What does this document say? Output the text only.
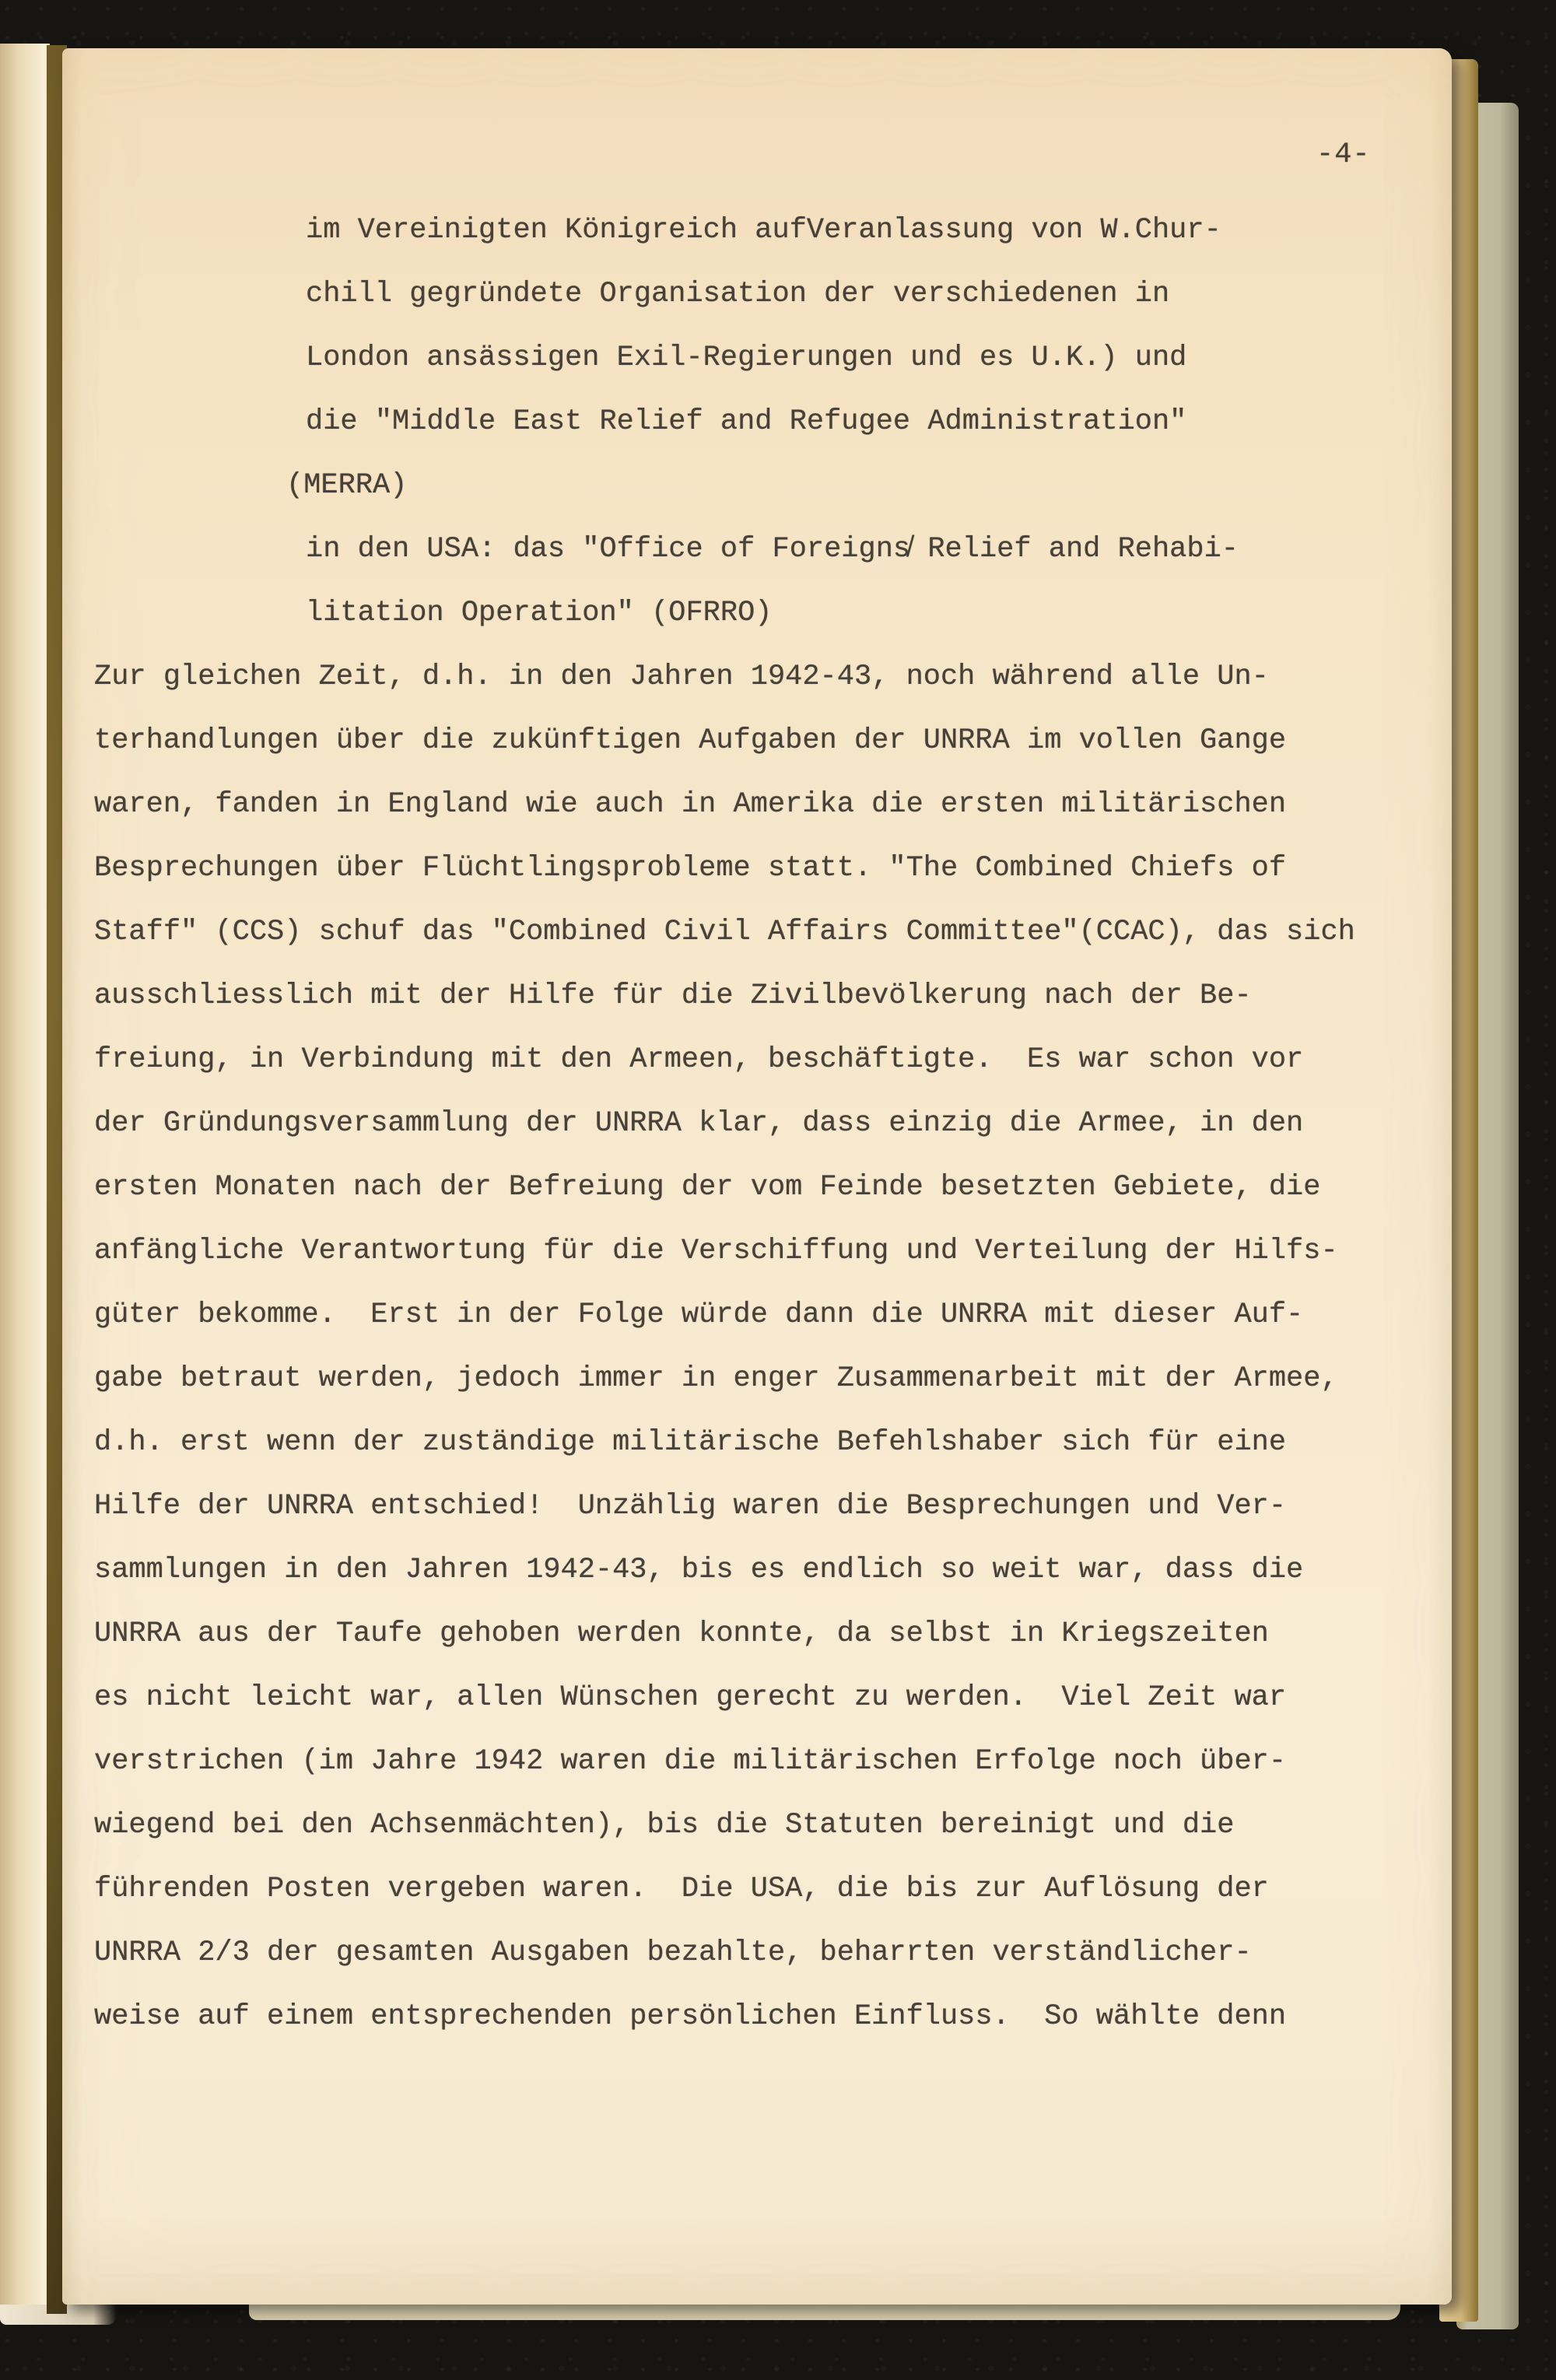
-4-
im Vereinigten Königreich aufVeranlassung von W.Chur-
chill gegründete Organisation der verschiedenen in
London ansässigen Exil-Regierungen und es U.K.) und
die "Middle East Relief and Refugee Administration"
(MERRA)
in den USA: das "Office of Foreigns̸ Relief and Rehabi-
litation Operation" (OFRRO)
Zur gleichen Zeit, d.h. in den Jahren 1942-43, noch während alle Un-
terhandlungen über die zukünftigen Aufgaben der UNRRA im vollen Gange
waren, fanden in England wie auch in Amerika die ersten militärischen
Besprechungen über Flüchtlingsprobleme statt. "The Combined Chiefs of
Staff" (CCS) schuf das "Combined Civil Affairs Committee"(CCAC), das sich
ausschliesslich mit der Hilfe für die Zivilbevölkerung nach der Be-
freiung, in Verbindung mit den Armeen, beschäftigte.  Es war schon vor
der Gründungsversammlung der UNRRA klar, dass einzig die Armee, in den
ersten Monaten nach der Befreiung der vom Feinde besetzten Gebiete, die
anfängliche Verantwortung für die Verschiffung und Verteilung der Hilfs-
güter bekomme.  Erst in der Folge würde dann die UNRRA mit dieser Auf-
gabe betraut werden, jedoch immer in enger Zusammenarbeit mit der Armee,
d.h. erst wenn der zuständige militärische Befehlshaber sich für eine
Hilfe der UNRRA entschied!  Unzählig waren die Besprechungen und Ver-
sammlungen in den Jahren 1942-43, bis es endlich so weit war, dass die
UNRRA aus der Taufe gehoben werden konnte, da selbst in Kriegszeiten
es nicht leicht war, allen Wünschen gerecht zu werden.  Viel Zeit war
verstrichen (im Jahre 1942 waren die militärischen Erfolge noch über-
wiegend bei den Achsenmächten), bis die Statuten bereinigt und die
führenden Posten vergeben waren.  Die USA, die bis zur Auflösung der
UNRRA 2/3 der gesamten Ausgaben bezahlte, beharrten verständlicher-
weise auf einem entsprechenden persönlichen Einfluss.  So wählte denn
